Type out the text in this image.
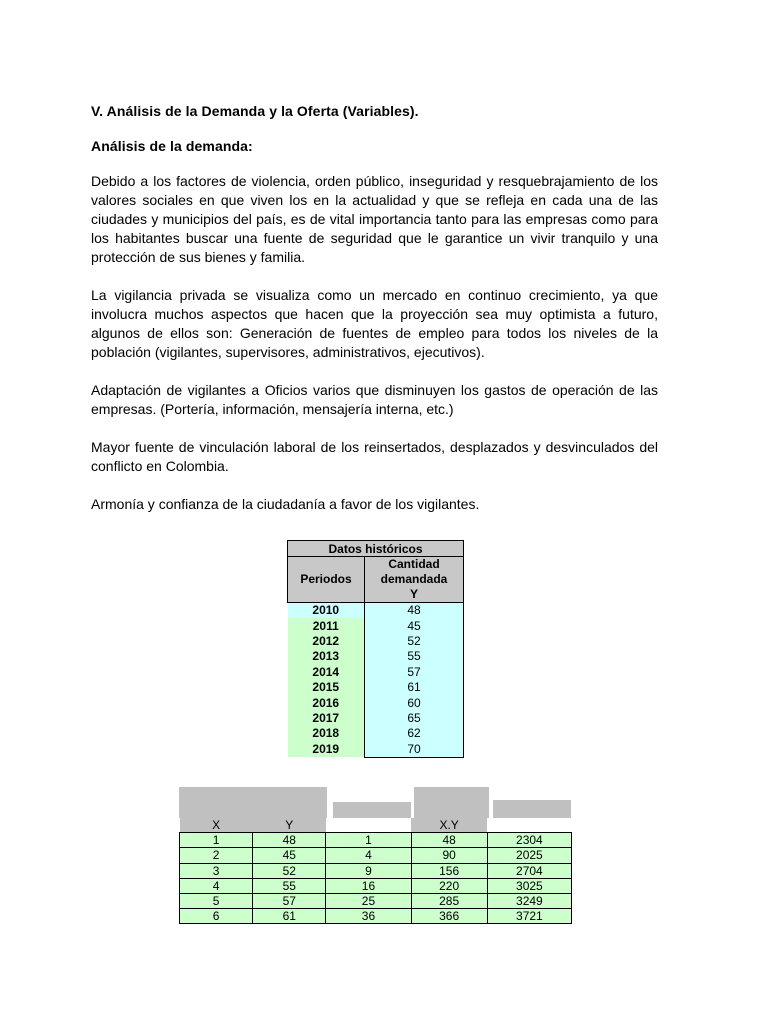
V. Análisis de la Demanda y la Oferta (Variables).
Análisis de la demanda:
Debido a los factores de violencia, orden público, inseguridad y resquebrajamiento de los valores sociales en que viven los en la actualidad y que se refleja en cada una de las ciudades y municipios del país, es de vital importancia tanto para las empresas como para los habitantes buscar una fuente de seguridad que le garantice un vivir tranquilo y una protección de sus bienes y familia.
La vigilancia privada se visualiza como un mercado en continuo crecimiento, ya que involucra muchos aspectos que hacen que la proyección sea muy optimista a futuro, algunos de ellos son: Generación de fuentes de empleo para todos los niveles de la población (vigilantes, supervisores, administrativos, ejecutivos).
Adaptación de vigilantes a Oficios varios que disminuyen los gastos de operación de las empresas. (Portería, información, mensajería interna, etc.)
Mayor fuente de vinculación laboral de los reinsertados, desplazados y desvinculados del conflicto en Colombia.
Armonía y confianza de la ciudadanía a favor de los vigilantes.
Datos históricos	
Periodos	Cantidad
demandada
Y

2010	48
2011	45
2012	52
2013	55
2014	57
2015	61
2016	60
2017	65
2018	62
2019	70
X	Y		X.Y	
1	48	1	48	2304
2	45	4	90	2025
3	52	9	156	2704
4	55	16	220	3025
5	57	25	285	3249
6	61	36	366	3721
